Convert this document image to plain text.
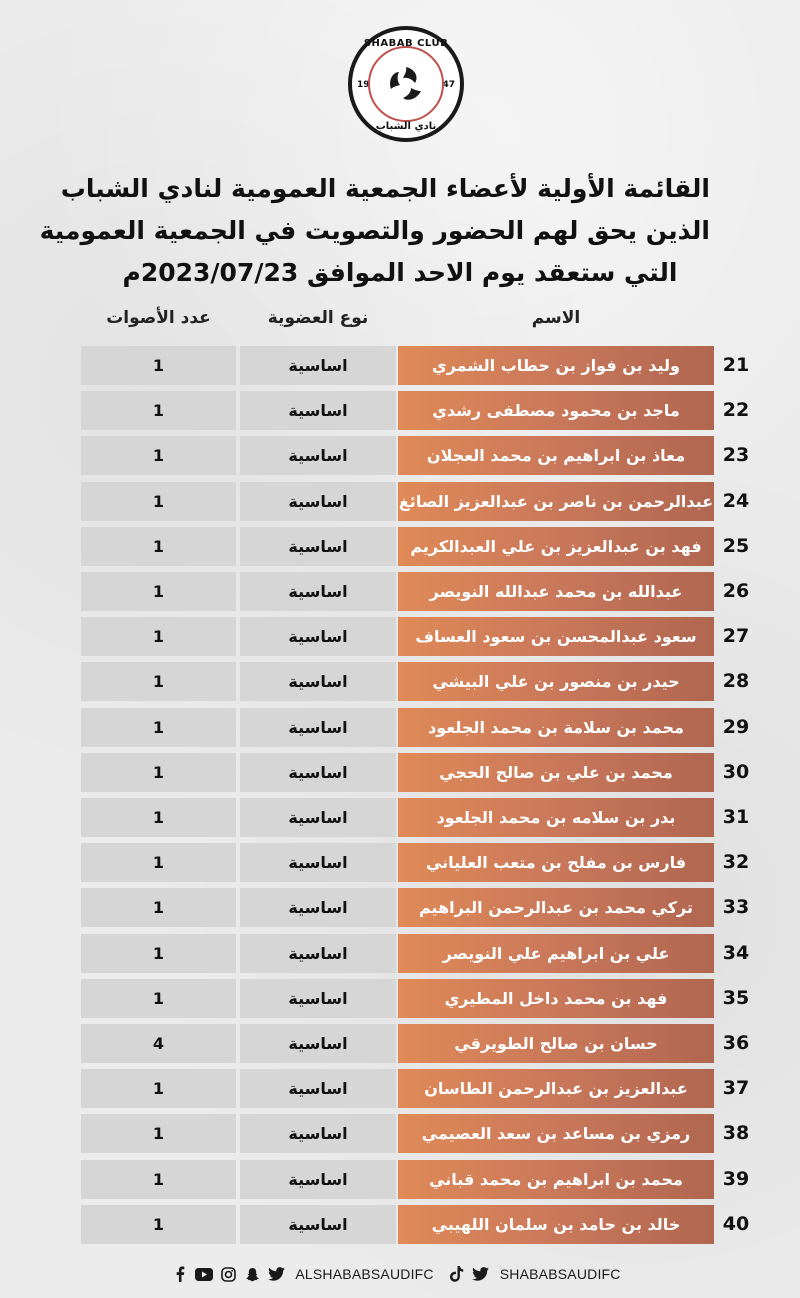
SHABAB CLUB
19	47
نادي الشباب
القائمة الأولية لأعضاء الجمعية العمومية لنادي الشباب
الذين يحق لهم الحضور والتصويت في الجمعية العمومية
التي ستعقد يوم الاحد الموافق 2023/07/23م
عدد الأصوات	نوع العضوية	الاسم
1	اساسية	وليد بن فواز بن حطاب الشمري	21
1	اساسية	ماجد بن محمود مصطفى رشدي	22
1	اساسية	معاذ بن ابراهيم بن محمد العجلان	23
1	اساسية	عبدالرحمن بن ناصر بن عبدالعزيز الصائغ 24
1	اساسية	فهد بن عبدالعزيز بن علي العبدالكريم	25
1	اساسية	عبدالله بن محمد عبدالله النويصر	26
1	اساسية	سعود عبدالمحسن بن سعود العساف	27
1	اساسية	حيدر بن منصور بن علي البيشي	28
1	اساسية	محمد بن سلامة بن محمد الجلعود	29
1	اساسية	محمد بن علي بن صالح الحجي	30
1	اساسية	بدر بن سلامه بن محمد الجلعود	31
1	اساسية	فارس بن مفلح بن متعب العلياني	32
1	اساسية	تركي محمد بن عبدالرحمن البراهيم	33
1	اساسية	علي بن ابراهيم علي النويصر	34
1	اساسية	فهد بن محمد داخل المطيري	35
4	اساسية	حسان بن صالح الطويرقي	36
1	اساسية	عبدالعزيز بن عبدالرحمن الطاسان	37
1	اساسية	رمزي بن مساعد بن سعد العصيمي	38
1	اساسية	محمد بن ابراهيم بن محمد قباني	39
1	اساسية	خالد بن حامد بن سلمان اللهيبي	40
ALSHABABSAUDIFC	SHABABSAUDIFC
